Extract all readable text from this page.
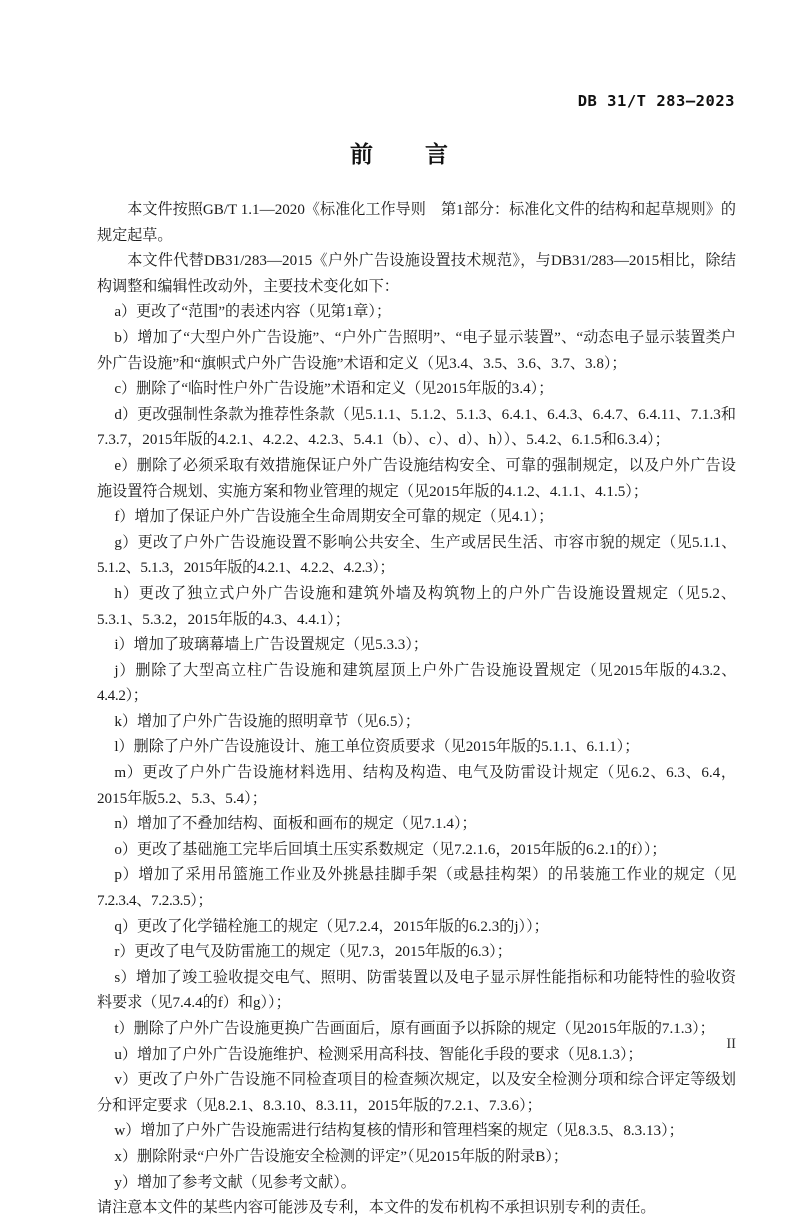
DB 31/T 283—2023
前　　言

本文件按照GB/T 1.1—2020《标准化工作导则　第1部分：标准化文件的结构和起草规则》的规定起草。

本文件代替DB31/283—2015《户外广告设施设置技术规范》，与DB31/283—2015相比，除结构调整和编辑性改动外，主要技术变化如下：

a）更改了“范围”的表述内容（见第1章）；

b）增加了“大型户外广告设施”、“户外广告照明”、“电子显示装置”、“动态电子显示装置类户外广告设施”和“旗帜式户外广告设施”术语和定义（见3.4、3.5、3.6、3.7、3.8）；

c）删除了“临时性户外广告设施”术语和定义（见2015年版的3.4）；

d）更改强制性条款为推荐性条款（见5.1.1、5.1.2、5.1.3、6.4.1、6.4.3、6.4.7、6.4.11、7.1.3和7.3.7，2015年版的4.2.1、4.2.2、4.2.3、5.4.1（b）、c）、d）、h））、5.4.2、6.1.5和6.3.4）；

e）删除了必须采取有效措施保证户外广告设施结构安全、可靠的强制规定，以及户外广告设施设置符合规划、实施方案和物业管理的规定（见2015年版的4.1.2、4.1.1、4.1.5）；

f）增加了保证户外广告设施全生命周期安全可靠的规定（见4.1）；

g）更改了户外广告设施设置不影响公共安全、生产或居民生活、市容市貌的规定（见5.1.1、5.1.2、5.1.3，2015年版的4.2.1、4.2.2、4.2.3）；

h）更改了独立式户外广告设施和建筑外墙及构筑物上的户外广告设施设置规定（见5.2、5.3.1、5.3.2，2015年版的4.3、4.4.1）；

i）增加了玻璃幕墙上广告设置规定（见5.3.3）；

j）删除了大型高立柱广告设施和建筑屋顶上户外广告设施设置规定（见2015年版的4.3.2、4.4.2）；

k）增加了户外广告设施的照明章节（见6.5）；

l）删除了户外广告设施设计、施工单位资质要求（见2015年版的5.1.1、6.1.1）；

m）更改了户外广告设施材料选用、结构及构造、电气及防雷设计规定（见6.2、6.3、6.4，2015年版5.2、5.3、5.4）；

n）增加了不叠加结构、面板和画布的规定（见7.1.4）；

o）更改了基础施工完毕后回填土压实系数规定（见7.2.1.6，2015年版的6.2.1的f））；

p）增加了采用吊篮施工作业及外挑悬挂脚手架（或悬挂构架）的吊装施工作业的规定（见7.2.3.4、7.2.3.5）；

q）更改了化学锚栓施工的规定（见7.2.4，2015年版的6.2.3的j））；

r）更改了电气及防雷施工的规定（见7.3，2015年版的6.3）；

s）增加了竣工验收提交电气、照明、防雷装置以及电子显示屏性能指标和功能特性的验收资料要求（见7.4.4的f）和g））；

t）删除了户外广告设施更换广告画面后，原有画面予以拆除的规定（见2015年版的7.1.3）；

u）增加了户外广告设施维护、检测采用高科技、智能化手段的要求（见8.1.3）；

v）更改了户外广告设施不同检查项目的检查频次规定，以及安全检测分项和综合评定等级划分和评定要求（见8.2.1、8.3.10、8.3.11，2015年版的7.2.1、7.3.6）；

w）增加了户外广告设施需进行结构复核的情形和管理档案的规定（见8.3.5、8.3.13）；

x）删除附录“户外广告设施安全检测的评定”（见2015年版的附录B）；

y）增加了参考文献（见参考文献）。

请注意本文件的某些内容可能涉及专利，本文件的发布机构不承担识别专利的责任。

II
